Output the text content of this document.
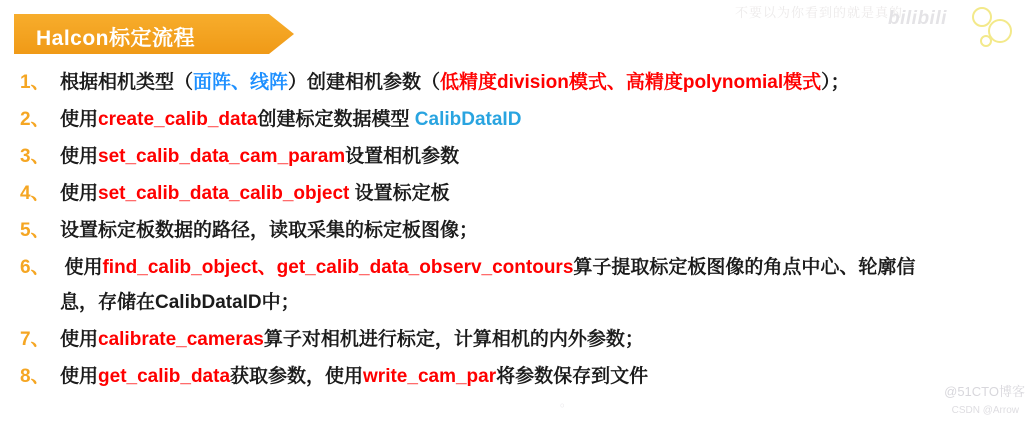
不要以为你看到的就是真的
bilibili
Halcon标定流程
1、 根据相机类型（面阵、线阵）创建相机参数（低精度division模式、高精度polynomial模式）；
2、 使用create_calib_data创建标定数据模型 CalibDataID
3、 使用set_calib_data_cam_param设置相机参数
4、 使用set_calib_data_calib_object 设置标定板
5、 设置标定板数据的路径，读取采集的标定板图像；
6、 使用find_calib_object、get_calib_data_observ_contours算子提取标定板图像的角点中心、轮廓信
息，存储在CalibDataID中；
7、 使用calibrate_cameras算子对相机进行标定，计算相机的内外参数；
8、 使用get_calib_data获取参数，使用write_cam_par将参数保存到文件
。
@51CTO博客
CSDN @Arrow
